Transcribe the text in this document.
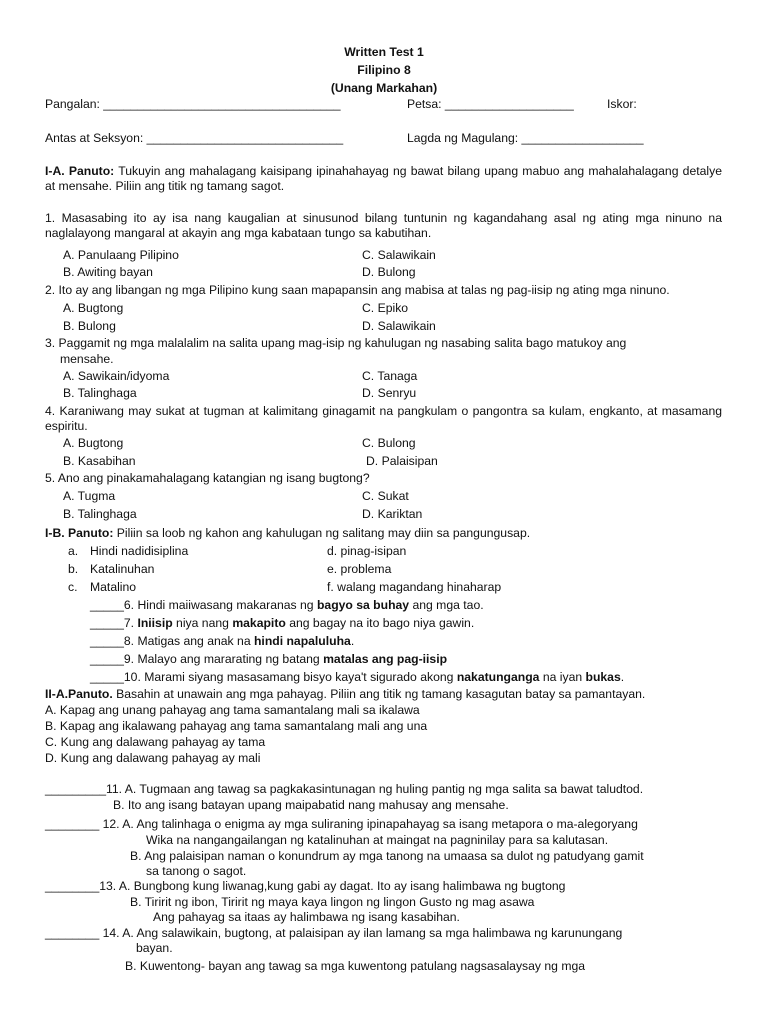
Written Test 1
Filipino 8
(Unang Markahan)
Pangalan: ___________________________________	Petsa: ___________________	Iskor:
Antas at Seksyon: _____________________________	Lagda ng Magulang: __________________
I-A. Panuto: Tukuyin ang mahalagang kaisipang ipinahahayag ng bawat bilang upang mabuo ang mahalahalagang detalye at mensahe. Piliin ang titik ng tamang sagot.
1. Masasabing ito ay isa nang kaugalian at sinusunod bilang tuntunin ng kagandahang asal ng ating mga ninuno na naglalayong mangaral at akayin ang mga kabataan tungo sa kabutihan.
A. Panulaang Pilipino	C. Salawikain
B. Awiting bayan	D. Bulong
2. Ito ay ang libangan ng mga Pilipino kung saan mapapansin ang mabisa at talas ng pag-iisip ng ating mga ninuno.
A. Bugtong	C. Epiko
B. Bulong	D. Salawikain
3. Paggamit ng mga malalalim na salita upang mag-isip ng kahulugan ng nasabing salita bago matukoy ang
mensahe.
A. Sawikain/idyoma	C. Tanaga
B. Talinghaga	D. Senryu
4. Karaniwang may sukat at tugman at kalimitang ginagamit na pangkulam o pangontra sa kulam, engkanto, at masamang espiritu.
A. Bugtong	C. Bulong
B. Kasabihan	D. Palaisipan
5. Ano ang pinakamahalagang katangian ng isang bugtong?
A. Tugma	C. Sukat
B. Talinghaga	D. Kariktan
I-B. Panuto: Piliin sa loob ng kahon ang kahulugan ng salitang may diin sa pangungusap.
a. Hindi nadidisiplina	d. pinag-isipan
b. Katalinuhan	e. problema
c. Matalino	f. walang magandang hinaharap
_____6. Hindi maiiwasang makaranas ng bagyo sa buhay ang mga tao.
_____7. Iniisip niya nang makapito ang bagay na ito bago niya gawin.
_____8. Matigas ang anak na hindi napaluluha.
_____9. Malayo ang mararating ng batang matalas ang pag-iisip
_____10. Marami siyang masasamang bisyo kaya't sigurado akong nakatunganga na iyan bukas.
II-A.Panuto. Basahin at unawain ang mga pahayag. Piliin ang titik ng tamang kasagutan batay sa pamantayan.
A. Kapag ang unang pahayag ang tama samantalang mali sa ikalawa
B. Kapag ang ikalawang pahayag ang tama samantalang mali ang una
C. Kung ang dalawang pahayag ay tama
D. Kung ang dalawang pahayag ay mali
_________11. A. Tugmaan ang tawag sa pagkakasintunagan ng huling pantig ng mga salita sa bawat taludtod.
B. Ito ang isang batayan upang maipabatid nang mahusay ang mensahe.
________ 12. A. Ang talinhaga o enigma ay mga suliraning ipinapahayag sa isang metapora o ma-alegoryang
Wika na nangangailangan ng katalinuhan at maingat na pagninilay para sa kalutasan.
B. Ang palaisipan naman o konundrum ay mga tanong na umaasa sa dulot ng patudyang gamit
sa tanong o sagot.
________13. A. Bungbong kung liwanag,kung gabi ay dagat. Ito ay isang halimbawa ng bugtong
B. Tiririt ng ibon, Tiririt ng maya kaya lingon ng lingon Gusto ng mag asawa
Ang pahayag sa itaas ay halimbawa ng isang kasabihan.
________ 14. A. Ang salawikain, bugtong, at palaisipan ay ilan lamang sa mga halimbawa ng karunungang
bayan.
B. Kuwentong- bayan ang tawag sa mga kuwentong patulang nagsasalaysay ng mga
